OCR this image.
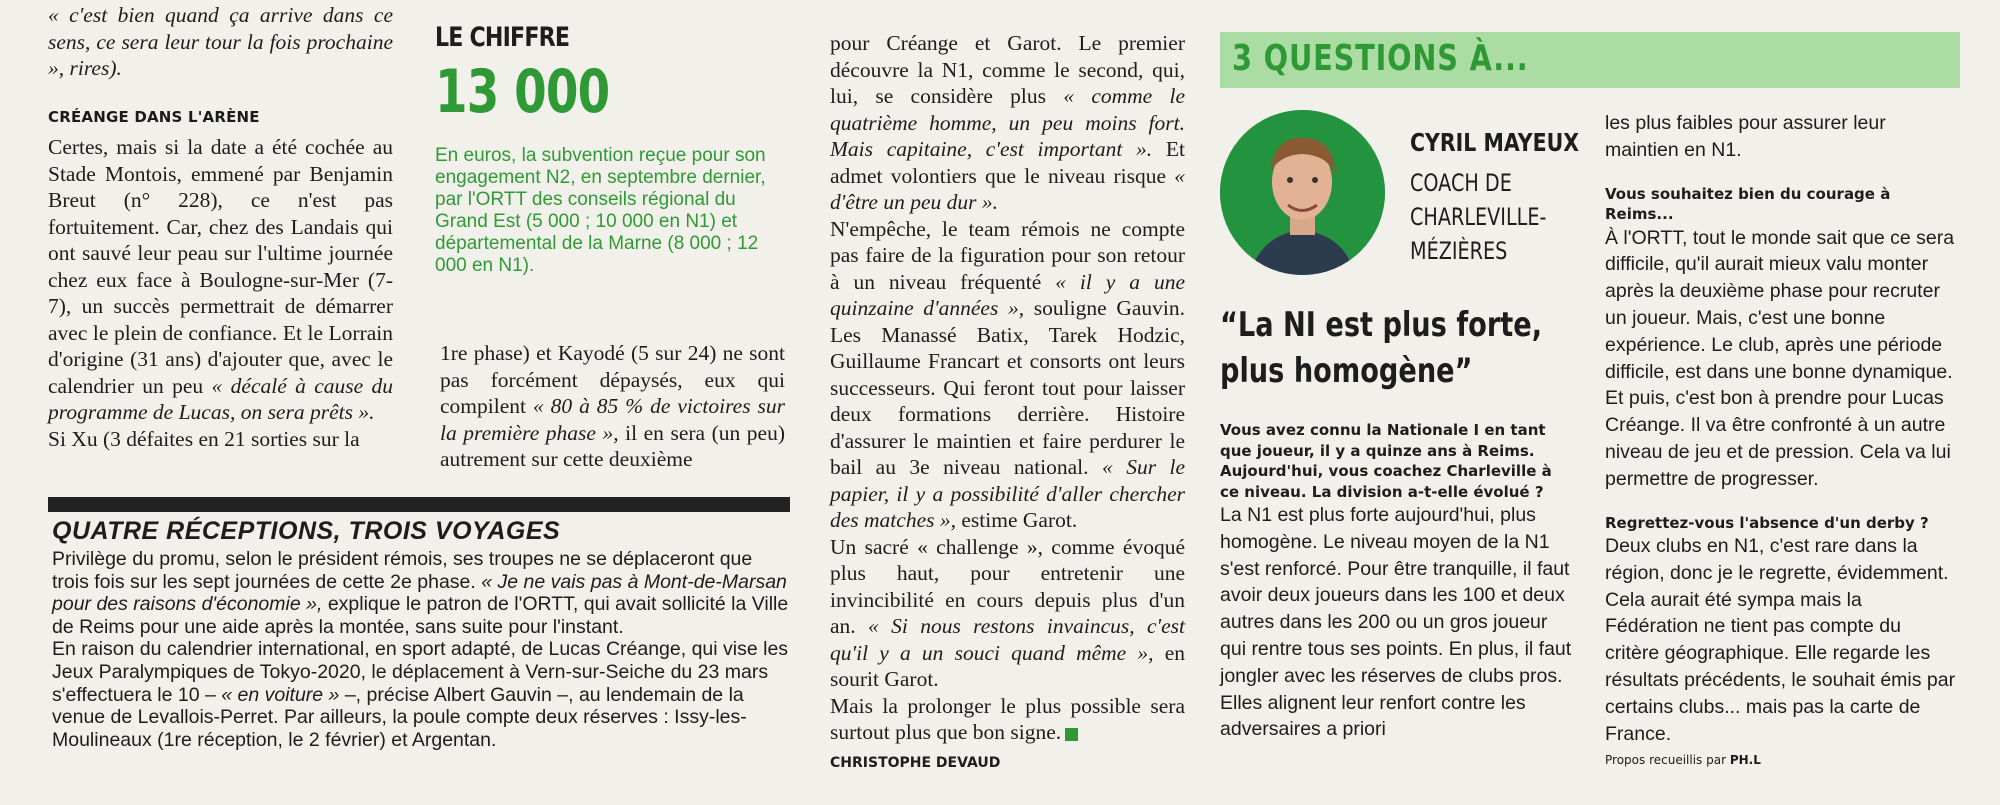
« c'est bien quand ça arrive dans ce sens, ce sera leur tour la fois prochaine », rires).

CRÉANGE DANS L'ARÈNE

Certes, mais si la date a été cochée au Stade Montois, emmené par Benjamin Breut (n° 228), ce n'est pas fortuitement. Car, chez des Landais qui ont sauvé leur peau sur l'ultime journée chez eux face à Boulogne-sur-Mer (7-7), un succès permettrait de démarrer avec le plein de confiance. Et le Lorrain d'origine (31 ans) d'ajouter que, avec le calendrier un peu « décalé à cause du programme de Lucas, on sera prêts ».

Si Xu (3 défaites en 21 sorties sur la

LE CHIFFRE
13 000
En euros, la subvention reçue pour son engagement N2, en septembre dernier, par l'ORTT des conseils régional du Grand Est (5 000 ; 10 000 en N1) et départemental de la Marne (8 000 ; 12 000 en N1).

1re phase) et Kayodé (5 sur 24) ne sont pas forcément dépaysés, eux qui compilent « 80 à 85 % de victoires sur la première phase », il en sera (un peu) autrement sur cette deuxième

pour Créange et Garot. Le premier découvre la N1, comme le second, qui, lui, se considère plus « comme le quatrième homme, un peu moins fort. Mais capitaine, c'est important ». Et admet volontiers que le niveau risque « d'être un peu dur ».

N'empêche, le team rémois ne compte pas faire de la figuration pour son retour à un niveau fréquenté « il y a une quinzaine d'années », souligne Gauvin. Les Manassé Batix, Tarek Hodzic, Guillaume Francart et consorts ont leurs successeurs. Qui feront tout pour laisser deux formations derrière. Histoire d'assurer le maintien et faire perdurer le bail au 3e niveau national. « Sur le papier, il y a possibilité d'aller chercher des matches », estime Garot.

Un sacré « challenge », comme évoqué plus haut, pour entretenir une invincibilité en cours depuis plus d'un an. « Si nous restons invaincus, c'est qu'il y a un souci quand même », en sourit Garot.

Mais la prolonger le plus possible sera surtout plus que bon signe.

CHRISTOPHE DEVAUD
QUATRE RÉCEPTIONS, TROIS VOYAGES
Privilège du promu, selon le président rémois, ses troupes ne se déplaceront que trois fois sur les sept journées de cette 2e phase. « Je ne vais pas à Mont-de-Marsan pour des raisons d'économie », explique le patron de l'ORTT, qui avait sollicité la Ville de Reims pour une aide après la montée, sans suite pour l'instant.
En raison du calendrier international, en sport adapté, de Lucas Créange, qui vise les Jeux Paralympiques de Tokyo-2020, le déplacement à Vern-sur-Seiche du 23 mars s'effectuera le 10 – « en voiture » –, précise Albert Gauvin –, au lendemain de la venue de Levallois-Perret. Par ailleurs, la poule compte deux réserves : Issy-les-Moulineaux (1re réception, le 2 février) et Argentan.
3 QUESTIONS À...
CYRIL MAYEUX
COACH DE CHARLEVILLE-MÉZIÈRES
“La NI est plus forte, plus homogène”

Vous avez connu la Nationale I en tant que joueur, il y a quinze ans à Reims. Aujourd'hui, vous coachez Charleville à ce niveau. La division a-t-elle évolué ?

La N1 est plus forte aujourd'hui, plus homogène. Le niveau moyen de la N1 s'est renforcé. Pour être tranquille, il faut avoir deux joueurs dans les 100 et deux autres dans les 200 ou un gros joueur qui rentre tous ses points. En plus, il faut jongler avec les réserves de clubs pros. Elles alignent leur renfort contre les adversaires a priori

les plus faibles pour assurer leur maintien en N1.

Vous souhaitez bien du courage à Reims...

À l'ORTT, tout le monde sait que ce sera difficile, qu'il aurait mieux valu monter après la deuxième phase pour recruter un joueur. Mais, c'est une bonne expérience. Le club, après une période difficile, est dans une bonne dynamique. Et puis, c'est bon à prendre pour Lucas Créange. Il va être confronté à un autre niveau de jeu et de pression. Cela va lui permettre de progresser.

Regrettez-vous l'absence d'un derby ?

Deux clubs en N1, c'est rare dans la région, donc je le regrette, évidemment. Cela aurait été sympa mais la Fédération ne tient pas compte du critère géographique. Elle regarde les résultats précédents, le souhait émis par certains clubs... mais pas la carte de France.

Propos recueillis par PH.L
